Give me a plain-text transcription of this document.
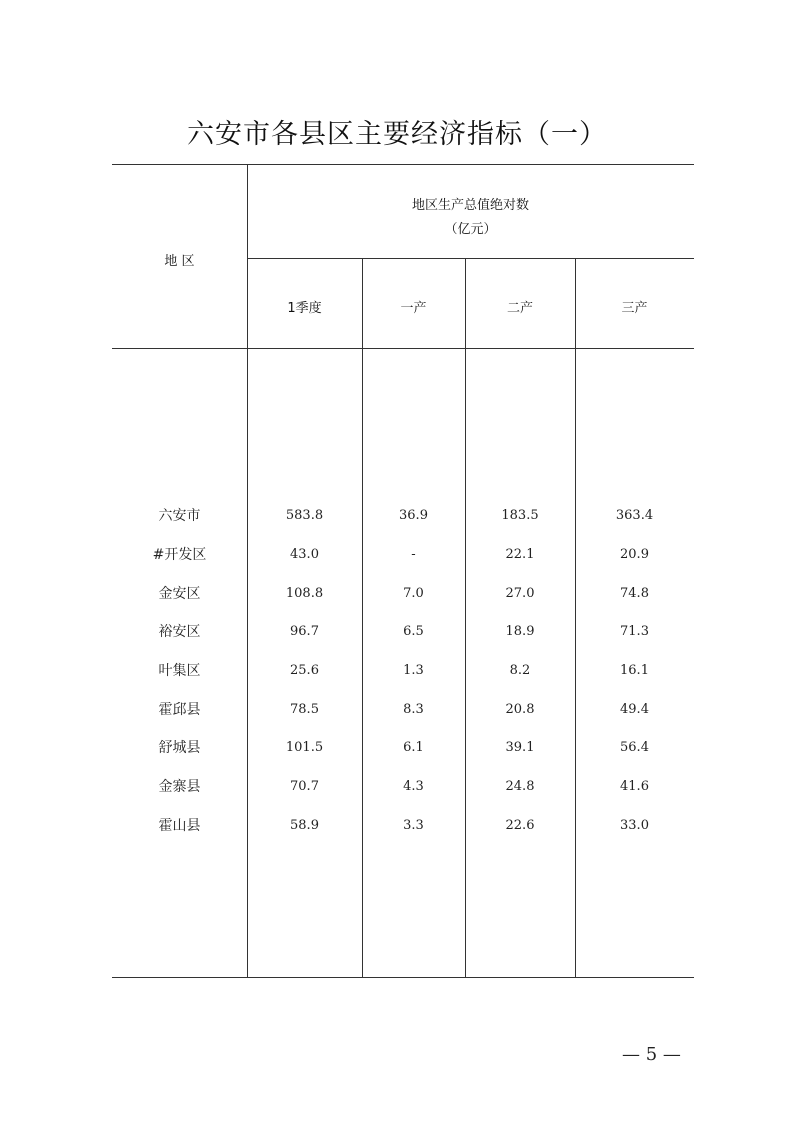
六安市各县区主要经济指标（一）
地 区
地区生产总值绝对数
（亿元）
1季度	一产	二产	三产
六安市	583.8	36.9	183.5	363.4
#开发区	43.0	-	22.1	20.9
金安区	108.8	7.0	27.0	74.8
裕安区	96.7	6.5	18.9	71.3
叶集区	25.6	1.3	8.2	16.1
霍邱县	78.5	8.3	20.8	49.4
舒城县	101.5	6.1	39.1	56.4
金寨县	70.7	4.3	24.8	41.6
霍山县	58.9	3.3	22.6	33.0
— 5 —
